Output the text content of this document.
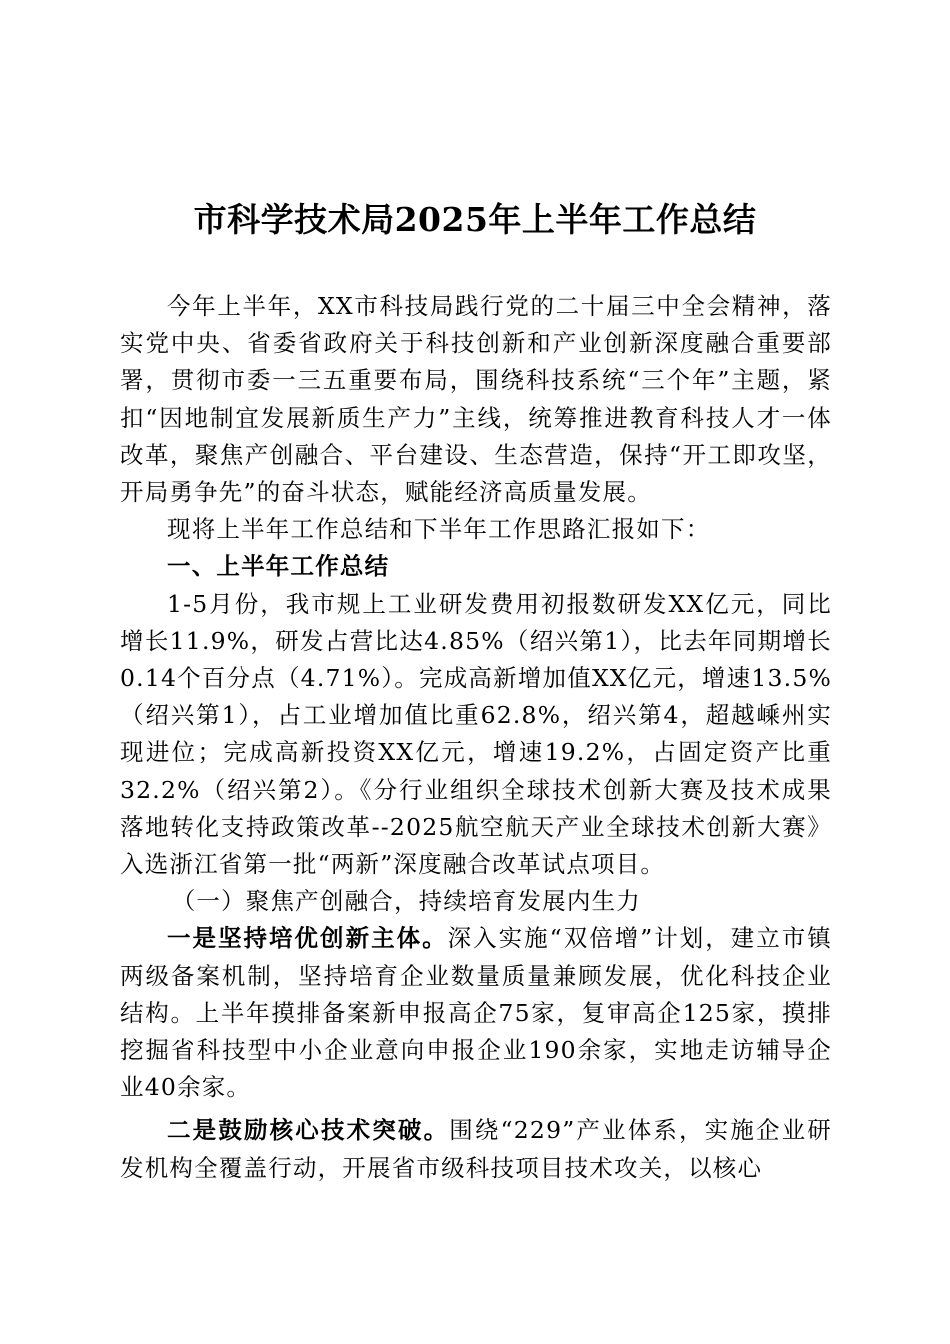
市科学技术局2025年上半年工作总结

今年上半年，XX市科技局践行党的二十届三中全会精神，落实党中央、省委省政府关于科技创新和产业创新深度融合重要部署，贯彻市委一三五重要布局，围绕科技系统“三个年”主题，紧扣“因地制宜发展新质生产力”主线，统筹推进教育科技人才一体改革，聚焦产创融合、平台建设、生态营造，保持“开工即攻坚，开局勇争先”的奋斗状态，赋能经济高质量发展。

现将上半年工作总结和下半年工作思路汇报如下：

一、上半年工作总结

1-5月份，我市规上工业研发费用初报数研发XX亿元，同比增长11.9%，研发占营比达4.85%（绍兴第1），比去年同期增长0.14个百分点（4.71%）。完成高新增加值XX亿元，增速13.5%（绍兴第1），占工业增加值比重62.8%，绍兴第4，超越嵊州实现进位；完成高新投资XX亿元，增速19.2%，占固定资产比重32.2%（绍兴第2）。《分行业组织全球技术创新大赛及技术成果落地转化支持政策改革--2025航空航天产业全球技术创新大赛》入选浙江省第一批“两新”深度融合改革试点项目。

（一）聚焦产创融合，持续培育发展内生力

一是坚持培优创新主体。深入实施“双倍增”计划，建立市镇两级备案机制，坚持培育企业数量质量兼顾发展，优化科技企业结构。上半年摸排备案新申报高企75家，复审高企125家，摸排挖掘省科技型中小企业意向申报企业190余家，实地走访辅导企业40余家。

二是鼓励核心技术突破。围绕“229”产业体系，实施企业研发机构全覆盖行动，开展省市级科技项目技术攻关，以核心
